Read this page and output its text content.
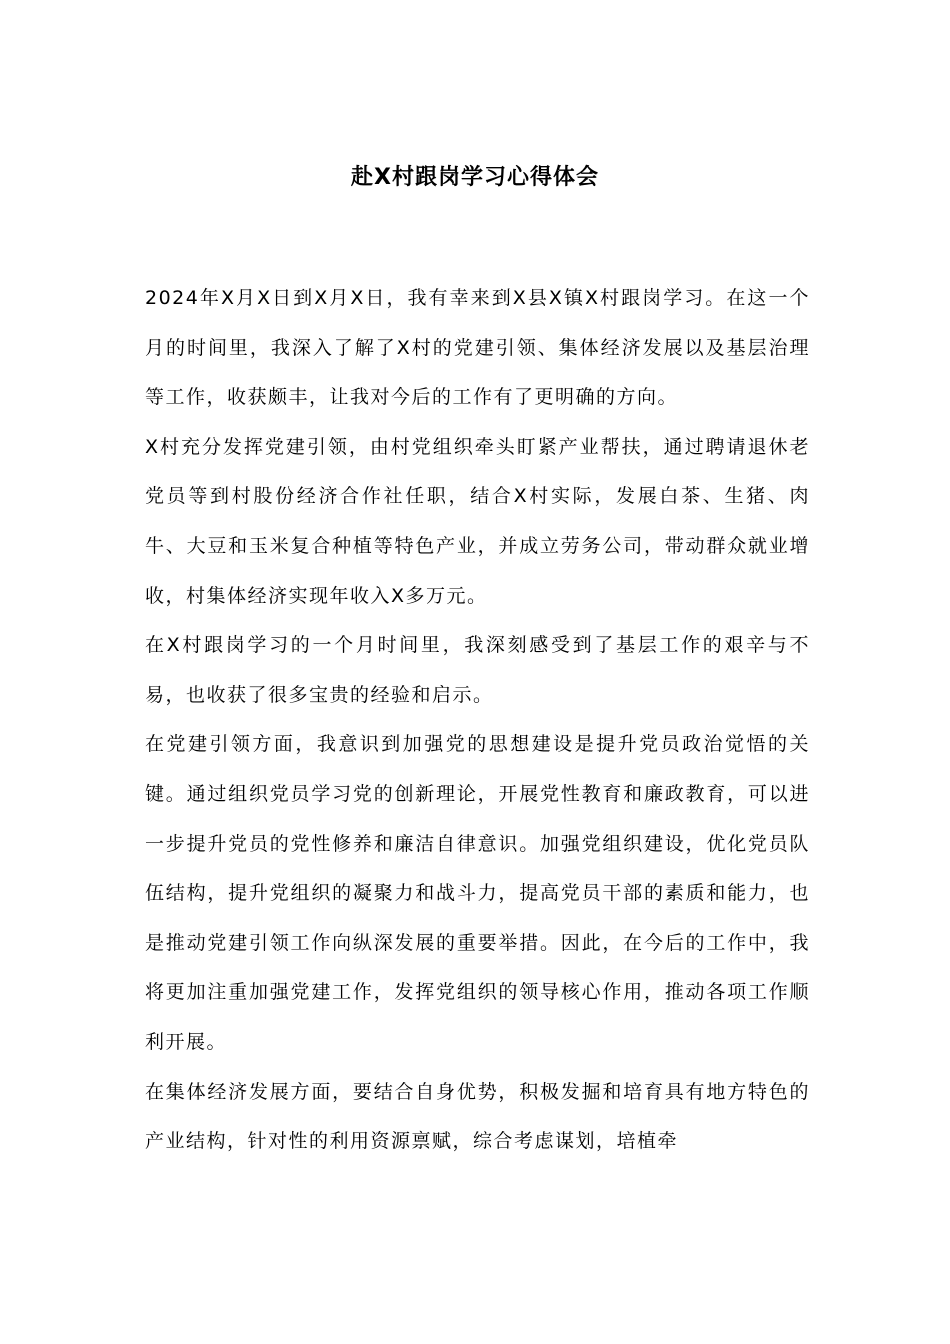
赴X村跟岗学习心得体会

2024年X月X日到X月X日，我有幸来到X县X镇X村跟岗学习。在这一个月的时间里，我深入了解了X村的党建引领、集体经济发展以及基层治理等工作，收获颇丰，让我对今后的工作有了更明确的方向。

X村充分发挥党建引领，由村党组织牵头盯紧产业帮扶，通过聘请退休老党员等到村股份经济合作社任职，结合X村实际，发展白茶、生猪、肉牛、大豆和玉米复合种植等特色产业，并成立劳务公司，带动群众就业增收，村集体经济实现年收入X多万元。

在X村跟岗学习的一个月时间里，我深刻感受到了基层工作的艰辛与不易，也收获了很多宝贵的经验和启示。

在党建引领方面，我意识到加强党的思想建设是提升党员政治觉悟的关键。通过组织党员学习党的创新理论，开展党性教育和廉政教育，可以进一步提升党员的党性修养和廉洁自律意识。加强党组织建设，优化党员队伍结构，提升党组织的凝聚力和战斗力，提高党员干部的素质和能力，也是推动党建引领工作向纵深发展的重要举措。因此，在今后的工作中，我将更加注重加强党建工作，发挥党组织的领导核心作用，推动各项工作顺利开展。

在集体经济发展方面，要结合自身优势，积极发掘和培育具有地方特色的产业结构，针对性的利用资源禀赋，综合考虑谋划，培植牵
